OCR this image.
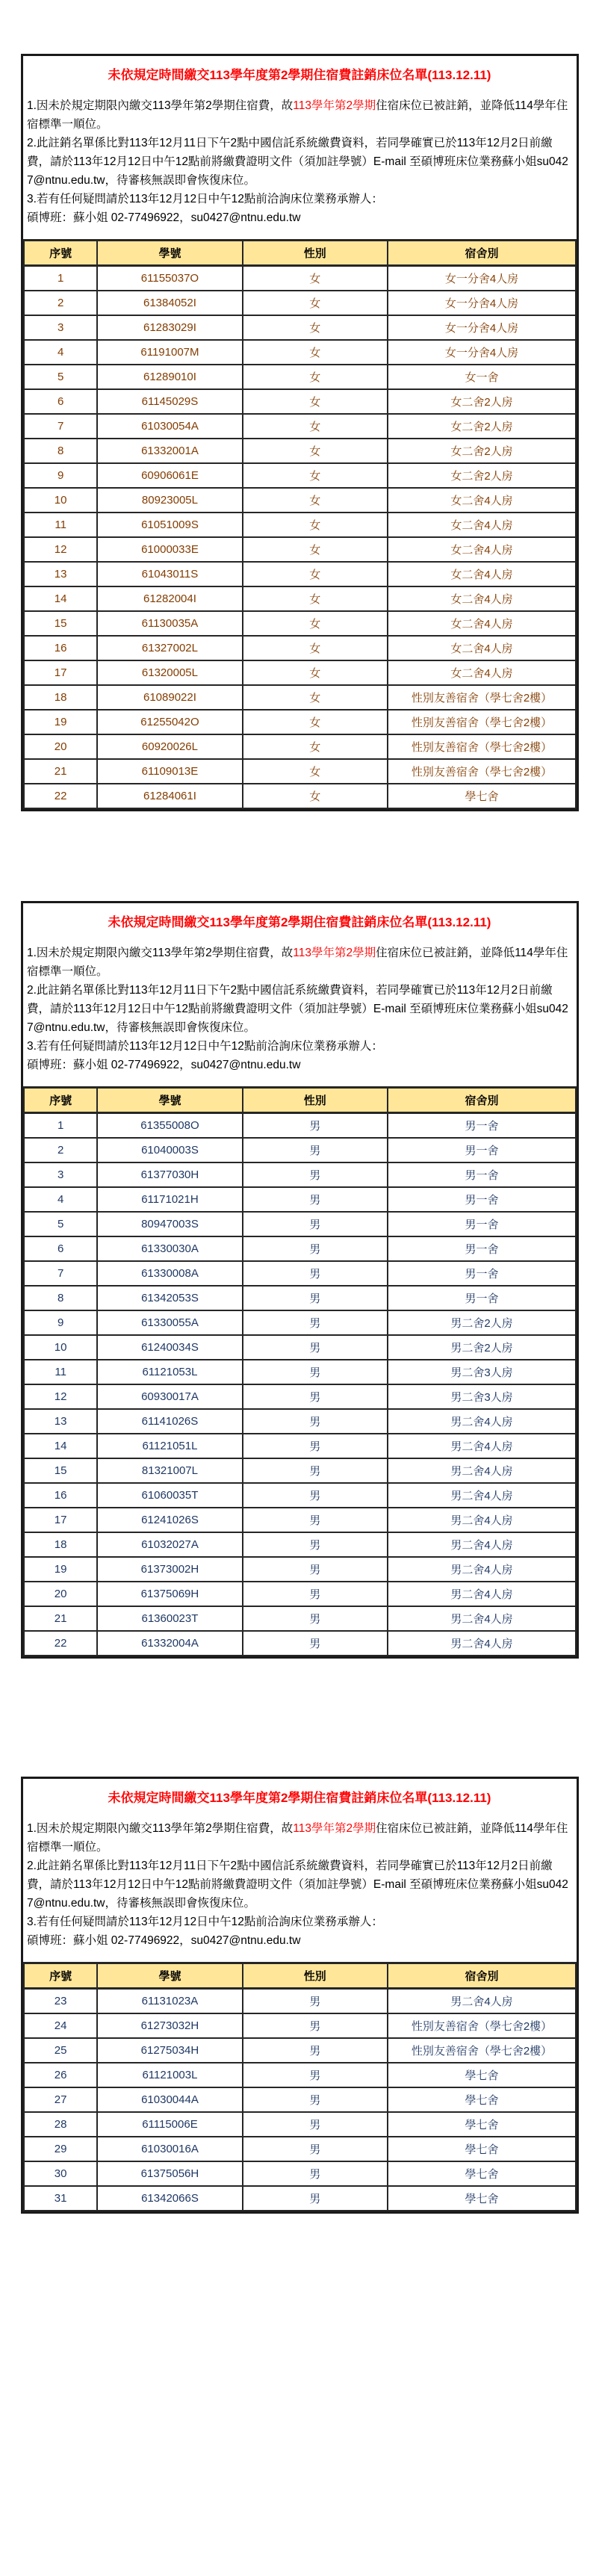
未依規定時間繳交113學年度第2學期住宿費註銷床位名單(113.12.11)
1.因未於規定期限內繳交113學年第2學期住宿費，故113學年第2學期住宿床位已被註銷，並降低114學年住宿標準一順位。
2.此註銷名單係比對113年12月11日下午2點中國信託系統繳費資料，若同學確實已於113年12月2日前繳費，請於113年12月12日中午12點前將繳費證明文件（須加註學號）E-mail 至碩博班床位業務蘇小姐su0427@ntnu.edu.tw，待審核無誤即會恢復床位。
3.若有任何疑問請於113年12月12日中午12點前洽詢床位業務承辦人：
碩博班：蘇小姐 02-77496922，su0427@ntnu.edu.tw
序號	學號	性別	宿舍別
1	61155037O	女	女一分舍4人房
2	61384052I	女	女一分舍4人房
3	61283029I	女	女一分舍4人房
4	61191007M	女	女一分舍4人房
5	61289010I	女	女一舍
6	61145029S	女	女二舍2人房
7	61030054A	女	女二舍2人房
8	61332001A	女	女二舍2人房
9	60906061E	女	女二舍2人房
10	80923005L	女	女二舍4人房
11	61051009S	女	女二舍4人房
12	61000033E	女	女二舍4人房
13	61043011S	女	女二舍4人房
14	61282004I	女	女二舍4人房
15	61130035A	女	女二舍4人房
16	61327002L	女	女二舍4人房
17	61320005L	女	女二舍4人房
18	61089022I	女	性別友善宿舍（學七舍2樓）
19	61255042O	女	性別友善宿舍（學七舍2樓）
20	60920026L	女	性別友善宿舍（學七舍2樓）
21	61109013E	女	性別友善宿舍（學七舍2樓）
22	61284061I	女	學七舍
未依規定時間繳交113學年度第2學期住宿費註銷床位名單(113.12.11)
1.因未於規定期限內繳交113學年第2學期住宿費，故113學年第2學期住宿床位已被註銷，並降低114學年住宿標準一順位。
2.此註銷名單係比對113年12月11日下午2點中國信託系統繳費資料，若同學確實已於113年12月2日前繳費，請於113年12月12日中午12點前將繳費證明文件（須加註學號）E-mail 至碩博班床位業務蘇小姐su0427@ntnu.edu.tw，待審核無誤即會恢復床位。
3.若有任何疑問請於113年12月12日中午12點前洽詢床位業務承辦人：
碩博班：蘇小姐 02-77496922，su0427@ntnu.edu.tw
序號	學號	性別	宿舍別
1	61355008O	男	男一舍
2	61040003S	男	男一舍
3	61377030H	男	男一舍
4	61171021H	男	男一舍
5	80947003S	男	男一舍
6	61330030A	男	男一舍
7	61330008A	男	男一舍
8	61342053S	男	男一舍
9	61330055A	男	男二舍2人房
10	61240034S	男	男二舍2人房
11	61121053L	男	男二舍3人房
12	60930017A	男	男二舍3人房
13	61141026S	男	男二舍4人房
14	61121051L	男	男二舍4人房
15	81321007L	男	男二舍4人房
16	61060035T	男	男二舍4人房
17	61241026S	男	男二舍4人房
18	61032027A	男	男二舍4人房
19	61373002H	男	男二舍4人房
20	61375069H	男	男二舍4人房
21	61360023T	男	男二舍4人房
22	61332004A	男	男二舍4人房
未依規定時間繳交113學年度第2學期住宿費註銷床位名單(113.12.11)
1.因未於規定期限內繳交113學年第2學期住宿費，故113學年第2學期住宿床位已被註銷，並降低114學年住宿標準一順位。
2.此註銷名單係比對113年12月11日下午2點中國信託系統繳費資料，若同學確實已於113年12月2日前繳費，請於113年12月12日中午12點前將繳費證明文件（須加註學號）E-mail 至碩博班床位業務蘇小姐su0427@ntnu.edu.tw，待審核無誤即會恢復床位。
3.若有任何疑問請於113年12月12日中午12點前洽詢床位業務承辦人：
碩博班：蘇小姐 02-77496922，su0427@ntnu.edu.tw
序號	學號	性別	宿舍別
23	61131023A	男	男二舍4人房
24	61273032H	男	性別友善宿舍（學七舍2樓）
25	61275034H	男	性別友善宿舍（學七舍2樓）
26	61121003L	男	學七舍
27	61030044A	男	學七舍
28	61115006E	男	學七舍
29	61030016A	男	學七舍
30	61375056H	男	學七舍
31	61342066S	男	學七舍
